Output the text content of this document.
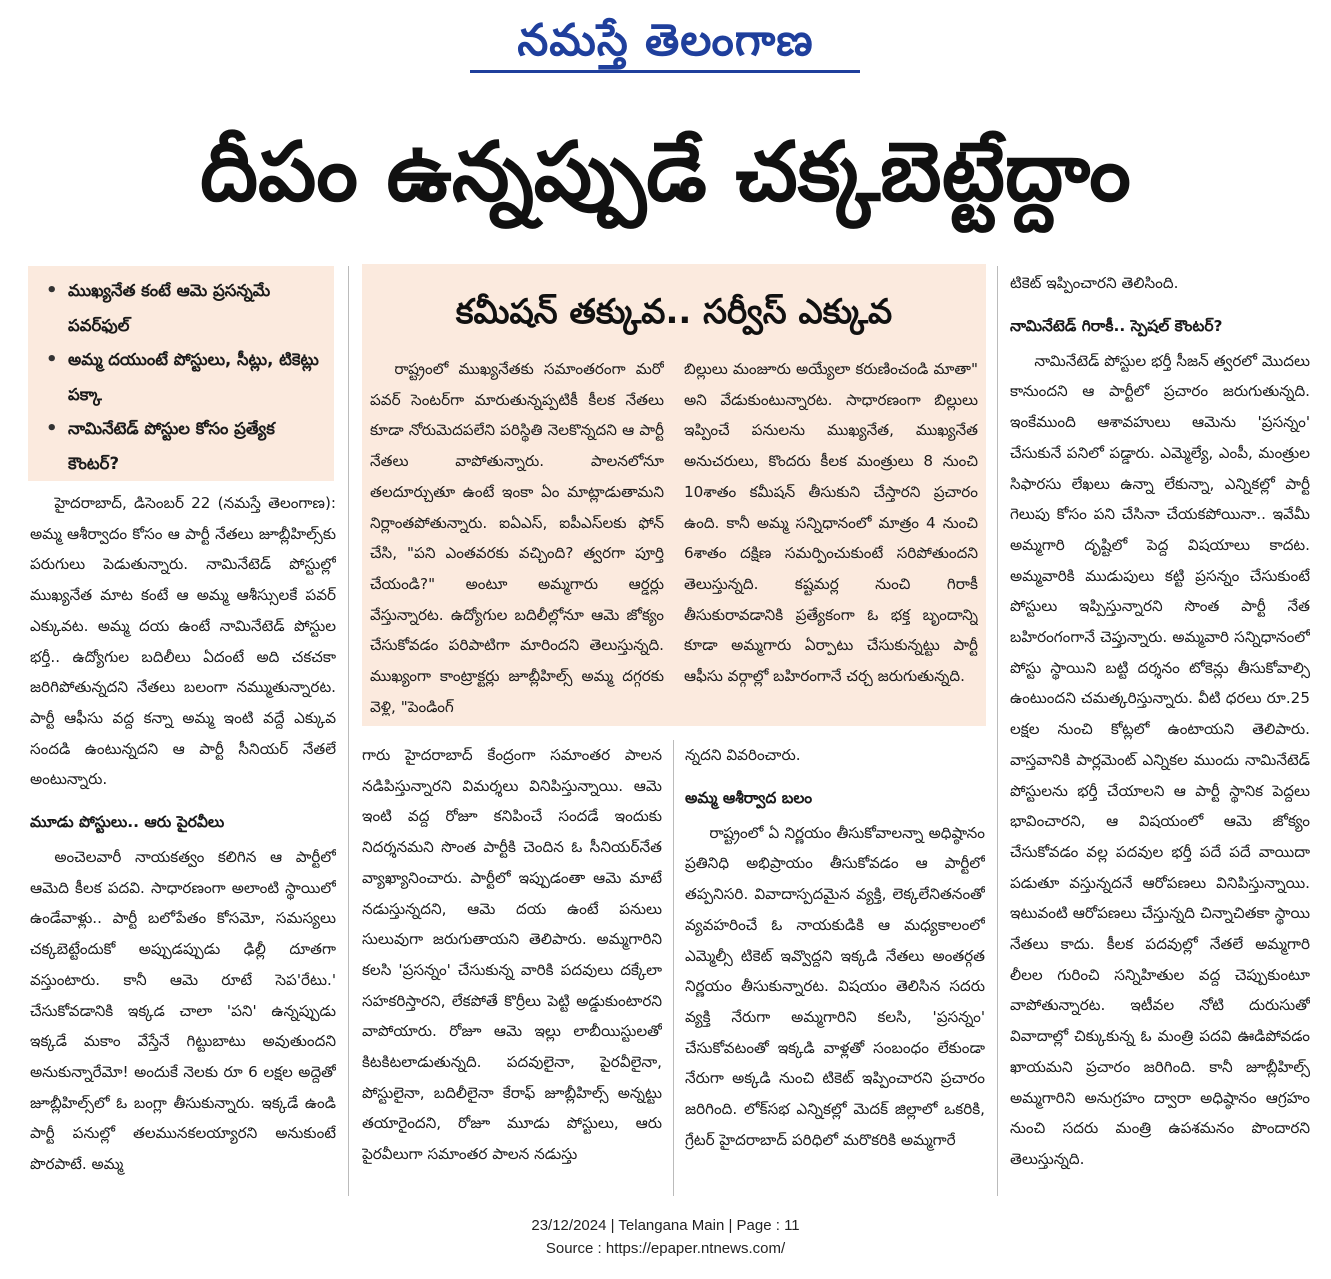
నమస్తే తెలంగాణ
దీపం ఉన్నప్పుడే చక్కబెట్టేద్దాం
• ముఖ్యనేత కంటే ఆమె ప్రసన్నమే పవర్‌ఫుల్
• అమ్మ దయుంటే పోస్టులు, సీట్లు, టికెట్లు పక్కా
• నామినేటెడ్ పోస్టుల కోసం ప్రత్యేక కౌంటర్?

హైదరాబాద్, డిసెంబర్ 22 (నమస్తే తెలంగాణ): అమ్మ ఆశీర్వాదం కోసం ఆ పార్టీ నేతలు జూబ్లీహిల్స్‌కు పరుగులు పెడుతున్నారు. నామినేటెడ్ పోస్టుల్లో ముఖ్యనేత మాట కంటే ఆ అమ్మ ఆశీస్సులకే పవర్ ఎక్కువట. అమ్మ దయ ఉంటే నామినేటెడ్ పోస్టుల భర్తీ.. ఉద్యోగుల బదిలీలు ఏదంటే అది చకచకా జరిగిపోతున్నదని నేతలు బలంగా నమ్ముతున్నారట. పార్టీ ఆఫీసు వద్ద కన్నా అమ్మ ఇంటి వద్దే ఎక్కువ సందడి ఉంటున్నదని ఆ పార్టీ సీనియర్ నేతలే అంటున్నారు.

మూడు పోస్టులు.. ఆరు పైరవీలు

అంచెలవారీ నాయకత్వం కలిగిన ఆ పార్టీలో ఆమెది కీలక పదవి. సాధారణంగా అలాంటి స్థాయిలో ఉండేవాళ్లు.. పార్టీ బలోపేతం కోసమో, సమస్యలు చక్కబెట్టేందుకో అప్పుడప్పుడు ఢిల్లీ దూతగా వస్తుంటారు. కానీ ఆమె రూటే సెప'రేటు.' చేసుకోవడానికి ఇక్కడ చాలా 'పని' ఉన్నప్పుడు ఇక్కడే మకాం వేస్తేనే గిట్టుబాటు అవుతుందని అనుకున్నారేమో! అందుకే నెలకు రూ 6 లక్షల అద్దెతో జూబ్లీహిల్స్‌లో ఓ బంగ్లా తీసుకున్నారు. ఇక్కడే ఉండి పార్టీ పనుల్లో తలమునకలయ్యారని అనుకుంటే పొరపాటే. అమ్మ

కమీషన్ తక్కువ.. సర్వీస్ ఎక్కువ

రాష్ట్రంలో ముఖ్యనేతకు సమాంతరంగా మరో పవర్ సెంటర్‌గా మారుతున్నప్పటికీ కీలక నేతలు కూడా నోరుమెదపలేని పరిస్థితి నెలకొన్నదని ఆ పార్టీ నేతలు వాపోతున్నారు. పాలనలోనూ తలదూర్చుతూ ఉంటే ఇంకా ఏం మాట్లాడుతామని నిర్లాంతపోతున్నారు. ఐఏఎస్, ఐపీఎస్‌లకు ఫోన్ చేసి, "పని ఎంతవరకు వచ్చింది? త్వరగా పూర్తి చేయండి?" అంటూ అమ్మగారు ఆర్డర్లు వేస్తున్నారట. ఉద్యోగుల బదిలీల్లోనూ ఆమె జోక్యం చేసుకోవడం పరిపాటిగా మారిందని తెలుస్తున్నది. ముఖ్యంగా కాంట్రాక్టర్లు జూబ్లీహిల్స్ అమ్మ దగ్గరకు వెళ్లి, "పెండింగ్

బిల్లులు మంజూరు అయ్యేలా కరుణించండి మాతా" అని వేడుకుంటున్నారట. సాధారణంగా బిల్లులు ఇప్పించే పనులను ముఖ్యనేత, ముఖ్యనేత అనుచరులు, కొందరు కీలక మంత్రులు 8 నుంచి 10శాతం కమీషన్ తీసుకుని చేస్తారని ప్రచారం ఉంది. కానీ అమ్మ సన్నిధానంలో మాత్రం 4 నుంచి 6శాతం దక్షిణ సమర్పించుకుంటే సరిపోతుందని తెలుస్తున్నది. కష్టమర్ల నుంచి గిరాకీ తీసుకురావడానికి ప్రత్యేకంగా ఓ భక్త బృందాన్ని కూడా అమ్మగారు ఏర్పాటు చేసుకున్నట్టు పార్టీ ఆఫీసు వర్గాల్లో బహిరంగానే చర్చ జరుగుతున్నది.

గారు హైదరాబాద్ కేంద్రంగా సమాంతర పాలన నడిపిస్తున్నారని విమర్శలు వినిపిస్తున్నాయి. ఆమె ఇంటి వద్ద రోజూ కనిపించే సందడే ఇందుకు నిదర్శనమని సొంత పార్టీకి చెందిన ఓ సీనియర్‌నేత వ్యాఖ్యానించారు. పార్టీలో ఇప్పుడంతా ఆమె మాటే నడుస్తున్నదని, ఆమె దయ ఉంటే పనులు సులువుగా జరుగుతాయని తెలిపారు. అమ్మగారిని కలసి 'ప్రసన్నం' చేసుకున్న వారికి పదవులు దక్కేలా సహకరిస్తారని, లేకపోతే కొర్రీలు పెట్టి అడ్డుకుంటారని వాపోయారు. రోజూ ఆమె ఇల్లు లాబీయిస్టులతో కిటకిటలాడుతున్నది. పదవులైనా, పైరవీలైనా, పోస్టులైనా, బదిలీలైనా కేరాఫ్ జూబ్లీహిల్స్ అన్నట్టు తయారైందని, రోజూ మూడు పోస్టులు, ఆరు పైరవీలుగా సమాంతర పాలన నడుస్తు

న్నదని వివరించారు.

అమ్మ ఆశీర్వాద బలం

రాష్ట్రంలో ఏ నిర్ణయం తీసుకోవాలన్నా అధిష్ఠానం ప్రతినిధి అభిప్రాయం తీసుకోవడం ఆ పార్టీలో తప్పనిసరి. వివాదాస్పదమైన వ్యక్తి, లెక్కలేనితనంతో వ్యవహరించే ఓ నాయకుడికి ఆ మధ్యకాలంలో ఎమ్మెల్సీ టికెట్ ఇవ్వొద్దని ఇక్కడి నేతలు అంతర్గత నిర్ణయం తీసుకున్నారట. విషయం తెలిసిన సదరు వ్యక్తి నేరుగా అమ్మగారిని కలసి, 'ప్రసన్నం' చేసుకోవటంతో ఇక్కడి వాళ్లతో సంబంధం లేకుండా నేరుగా అక్కడి నుంచి టికెట్ ఇప్పించారని ప్రచారం జరిగింది. లోక్‌సభ ఎన్నికల్లో మెదక్ జిల్లాలో ఒకరికి, గ్రేటర్ హైదరాబాద్ పరిధిలో మరొకరికి అమ్మగారే

టికెట్ ఇప్పించారని తెలిసింది.

నామినేటెడ్ గిరాకీ.. స్పెషల్ కౌంటర్?

నామినేటెడ్ పోస్టుల భర్తీ సీజన్ త్వరలో మొదలు కానుందని ఆ పార్టీలో ప్రచారం జరుగుతున్నది. ఇంకేముంది ఆశావహులు ఆమెను 'ప్రసన్నం' చేసుకునే పనిలో పడ్డారు. ఎమ్మెల్యే, ఎంపీ, మంత్రుల సిఫారసు లేఖలు ఉన్నా లేకున్నా, ఎన్నికల్లో పార్టీ గెలుపు కోసం పని చేసినా చేయకపోయినా.. ఇవేమీ అమ్మగారి దృష్టిలో పెద్ద విషయాలు కాదట. అమ్మవారికి ముడుపులు కట్టి ప్రసన్నం చేసుకుంటే పోస్టులు ఇప్పిస్తున్నారని సొంత పార్టీ నేత బహిరంగంగానే చెప్తున్నారు. అమ్మవారి సన్నిధానంలో పోస్టు స్థాయిని బట్టి దర్శనం టోకెన్లు తీసుకోవాల్సి ఉంటుందని చమత్కరిస్తున్నారు. వీటి ధరలు రూ.25 లక్షల నుంచి కోట్లలో ఉంటాయని తెలిపారు. వాస్తవానికి పార్లమెంట్ ఎన్నికల ముందు నామినేటెడ్ పోస్టులను భర్తీ చేయాలని ఆ పార్టీ స్థానిక పెద్దలు భావించారని, ఆ విషయంలో ఆమె జోక్యం చేసుకోవడం వల్ల పదవుల భర్తీ పదే పదే వాయిదా పడుతూ వస్తున్నదనే ఆరోపణలు వినిపిస్తున్నాయి. ఇటువంటి ఆరోపణలు చేస్తున్నది చిన్నాచితకా స్థాయి నేతలు కాదు. కీలక పదవుల్లో నేతలే అమ్మగారి లీలల గురించి సన్నిహితుల వద్ద చెప్పుకుంటూ వాపోతున్నారట. ఇటీవల నోటి దురుసుతో వివాదాల్లో చిక్కుకున్న ఓ మంత్రి పదవి ఊడిపోవడం ఖాయమని ప్రచారం జరిగింది. కానీ జూబ్లీహిల్స్ అమ్మగారిని అనుగ్రహం ద్వారా అధిష్ఠానం ఆగ్రహం నుంచి సదరు మంత్రి ఉపశమనం పొందారని తెలుస్తున్నది.

23/12/2024 | Telangana Main | Page : 11
Source : https://epaper.ntnews.com/
